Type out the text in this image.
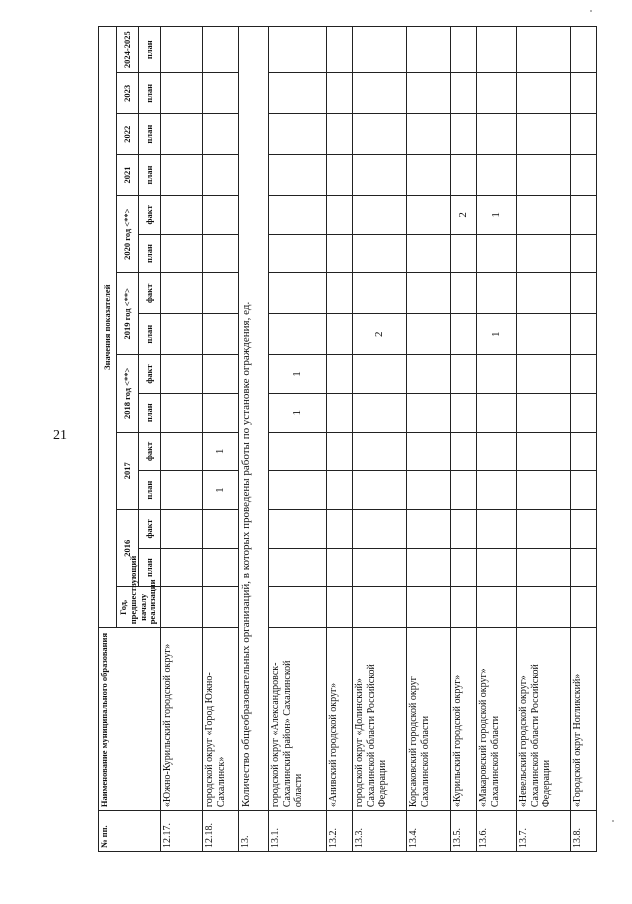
21
№ пп.	Наименование муниципального образования	Значения показателей														
		Год, предшествующий началу реализации	2016		2017		2018 год <**>		2019 год <**>		2020 год <**>		2021	2022	2023	2024-2025
			план	факт	план	факт	план	факт	план	факт	план	факт	план	план	план	план
12.17.	«Южно-Курильский городской округ»															
12.18.	городской округ «Город Южно-Сахалинск»				1	1										
13.	Количество общеобразовательных организаций, в которых проведены работы по установке ограждения, ед.															
13.1.	городской округ «Александровск-Сахалинский район» Сахалинской области						1	1								
13.2.	«Анивский городской округ»															
13.3.	городской округ «Долинский» Сахалинской области Российской Федерации								2							
13.4.	Корсаковский городской округ Сахалинской области															
13.5.	«Курильский городской округ»											2				
13.6.	«Макаровский городской округ» Сахалинской области								1			1				
13.7.	«Невельский городской округ» Сахалинской области Российской Федерации															
13.8.	«Городской округ Ногликский»															
